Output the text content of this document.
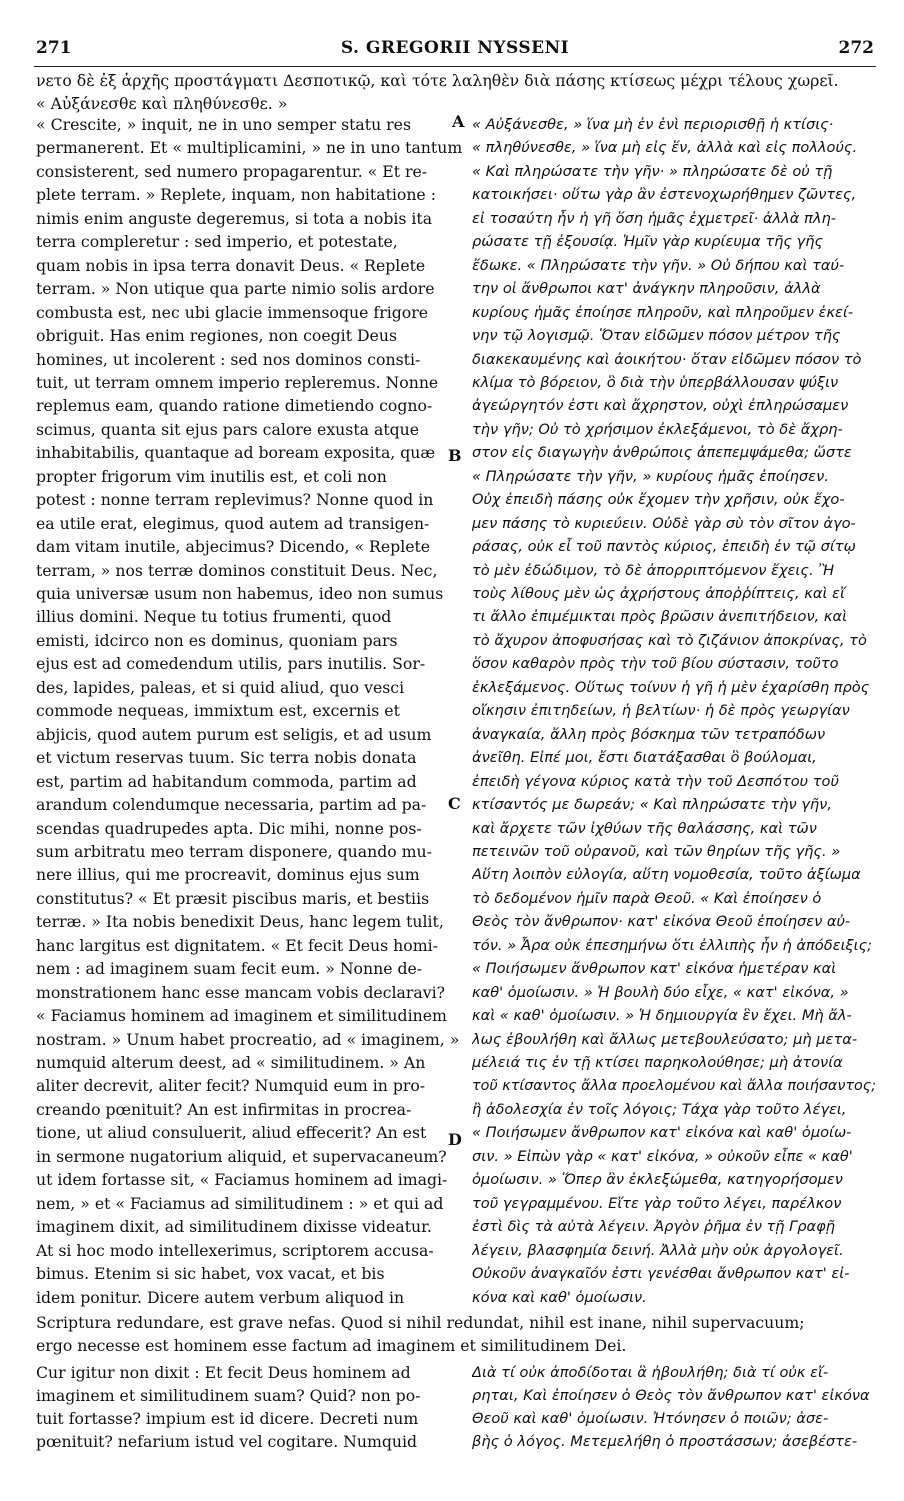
271	S. GREGORII NYSSENI	272
νετο δὲ ἐξ ἀρχῆς προστάγματι Δεσποτικῷ, καὶ τότε λαληθὲν διὰ πάσης κτίσεως μέχρι τέλους χωρεῖ.
« Αὐξάνεσθε καὶ πληθύνεσθε. »
« Crescite, » inquit, ne in uno semper statu res
permanerent. Et « multiplicamini, » ne in uno tantum
consisterent, sed numero propagarentur. « Et re-
plete terram. » Replete, inquam, non habitatione :
nimis enim anguste degeremus, si tota a nobis ita
terra compleretur : sed imperio, et potestate,
quam nobis in ipsa terra donavit Deus. « Replete
terram. » Non utique qua parte nimio solis ardore
combusta est, nec ubi glacie immensoque frigore
obriguit. Has enim regiones, non coegit Deus
homines, ut incolerent : sed nos dominos consti-
tuit, ut terram omnem imperio repleremus. Nonne
replemus eam, quando ratione dimetiendo cogno-
scimus, quanta sit ejus pars calore exusta atque
inhabitabilis, quantaque ad boream exposita, quæ
propter frigorum vim inutilis est, et coli non
potest : nonne terram replevimus? Nonne quod in
ea utile erat, elegimus, quod autem ad transigen-
dam vitam inutile, abjecimus? Dicendo, « Replete
terram, » nos terræ dominos constituit Deus. Nec,
quia universæ usum non habemus, ideo non sumus
illius domini. Neque tu totius frumenti, quod
emisti, idcirco non es dominus, quoniam pars
ejus est ad comedendum utilis, pars inutilis. Sor-
des, lapides, paleas, et si quid aliud, quo vesci
commode nequeas, immixtum est, excernis et
abjicis, quod autem purum est seligis, et ad usum
et victum reservas tuum. Sic terra nobis donata
est, partim ad habitandum commoda, partim ad
arandum colendumque necessaria, partim ad pa-
scendas quadrupedes apta. Dic mihi, nonne pos-
sum arbitratu meo terram disponere, quando mu-
nere illius, qui me procreavit, dominus ejus sum
constitutus? « Et præsit piscibus maris, et bestiis
terræ. » Ita nobis benedixit Deus, hanc legem tulit,
hanc largitus est dignitatem. « Et fecit Deus homi-
nem : ad imaginem suam fecit eum. » Nonne de-
monstrationem hanc esse mancam vobis declaravi?
« Faciamus hominem ad imaginem et similitudinem
nostram. » Unum habet procreatio, ad « imaginem, »
numquid alterum deest, ad « similitudinem. » An
aliter decrevit, aliter fecit? Numquid eum in pro-
creando pœnituit? An est infirmitas in procrea-
tione, ut aliud consuluerit, aliud effecerit? An est
in sermone nugatorium aliquid, et supervacaneum?
ut idem fortasse sit, « Faciamus hominem ad imagi-
nem, » et « Faciamus ad similitudinem : » et qui ad
imaginem dixit, ad similitudinem dixisse videatur.
At si hoc modo intellexerimus, scriptorem accusa-
bimus. Etenim si sic habet, vox vacat, et bis
idem ponitur. Dicere autem verbum aliquod in
« Αὐξάνεσθε, » ἵνα μὴ ἐν ἑνὶ περιορισθῇ ἡ κτίσις·
« πληθύνεσθε, » ἵνα μὴ εἰς ἕν, ἀλλὰ καὶ εἰς πολλούς.
« Καὶ πληρώσατε τὴν γῆν· » πληρώσατε δὲ οὐ τῇ
κατοικήσει· οὕτω γὰρ ἂν ἐστενοχωρήθημεν ζῶντες,
εἰ τοσαύτη ἦν ἡ γῆ ὅση ἡμᾶς ἐχμετρεῖ· ἀλλὰ πλη-
ρώσατε τῇ ἐξουσίᾳ. Ἡμῖν γὰρ κυρίευμα τῆς γῆς
ἔδωκε. « Πληρώσατε τὴν γῆν. » Οὐ δήπου καὶ ταύ-
την οἱ ἄνθρωποι κατ' ἀνάγκην πληροῦσιν, ἀλλὰ
κυρίους ἡμᾶς ἐποίησε πληροῦν, καὶ πληροῦμεν ἐκεί-
νην τῷ λογισμῷ. Ὅταν εἰδῶμεν πόσον μέτρον τῆς
διακεκαυμένης καὶ ἀοικήτου· ὅταν εἰδῶμεν πόσον τὸ
κλίμα τὸ βόρειον, ὃ διὰ τὴν ὑπερβάλλουσαν ψύξιν
ἀγεώργητόν ἐστι καὶ ἄχρηστον, οὐχὶ ἐπληρώσαμεν
τὴν γῆν; Οὐ τὸ χρήσιμον ἐκλεξάμενοι, τὸ δὲ ἄχρη-
στον εἰς διαγωγὴν ἀνθρώποις ἀπεπεμψάμεθα; ὥστε
« Πληρώσατε τὴν γῆν, » κυρίους ἡμᾶς ἐποίησεν.
Οὐχ ἐπειδὴ πάσης οὐκ ἔχομεν τὴν χρῆσιν, οὐκ ἔχο-
μεν πάσης τὸ κυριεύειν. Οὐδὲ γὰρ σὺ τὸν σῖτον ἀγο-
ράσας, οὐκ εἶ τοῦ παντὸς κύριος, ἐπειδὴ ἐν τῷ σίτῳ
τὸ μὲν ἐδώδιμον, τὸ δὲ ἀπορριπτόμενον ἔχεις. Ἢ
τοὺς λίθους μὲν ὡς ἀχρήστους ἀποῤῥίπτεις, καὶ εἴ
τι ἄλλο ἐπιμέμικται πρὸς βρῶσιν ἀνεπιτήδειον, καὶ
τὸ ἄχυρον ἀποφυσήσας καὶ τὸ ζιζάνιον ἀποκρίνας, τὸ
ὅσον καθαρὸν πρὸς τὴν τοῦ βίου σύστασιν, τοῦτο
ἐκλεξάμενος. Οὕτως τοίνυν ἡ γῆ ἡ μὲν ἐχαρίσθη πρὸς
οἴκησιν ἐπιτηδείων, ἡ βελτίων· ἡ δὲ πρὸς γεωργίαν
ἀναγκαία, ἄλλη πρὸς βόσκημα τῶν τετραπόδων
ἀνεῖθη. Εἰπέ μοι, ἔστι διατάξασθαι ὃ βούλομαι,
ἐπειδὴ γέγονα κύριος κατὰ τὴν τοῦ Δεσπότου τοῦ
κτίσαντός με δωρεάν; « Καὶ πληρώσατε τὴν γῆν,
καὶ ἄρχετε τῶν ἰχθύων τῆς θαλάσσης, καὶ τῶν
πετεινῶν τοῦ οὐρανοῦ, καὶ τῶν θηρίων τῆς γῆς. »
Αὕτη λοιπὸν εὐλογία, αὕτη νομοθεσία, τοῦτο ἀξίωμα
τὸ δεδομένον ἡμῖν παρὰ Θεοῦ. « Καὶ ἐποίησεν ὁ
Θεὸς τὸν ἄνθρωπον· κατ' εἰκόνα Θεοῦ ἐποίησεν αὐ-
τόν. » Ἆρα οὐκ ἐπεσημήνω ὅτι ἐλλιπὴς ἦν ἡ ἀπόδειξις;
« Ποιήσωμεν ἄνθρωπον κατ' εἰκόνα ἡμετέραν καὶ
καθ' ὁμοίωσιν. » Ἡ βουλὴ δύο εἶχε, « κατ' εἰκόνα, »
καὶ « καθ' ὁμοίωσιν. » Ἡ δημιουργία ἓν ἔχει. Μὴ ἄλ-
λως ἐβουλήθη καὶ ἄλλως μετεβουλεύσατο; μὴ μετα-
μέλειά τις ἐν τῇ κτίσει παρηκολούθησε; μὴ ἀτονία
τοῦ κτίσαντος ἄλλα προελομένου καὶ ἄλλα ποιήσαντος;
ἢ ἀδολεσχία ἐν τοῖς λόγοις; Τάχα γὰρ τοῦτο λέγει,
« Ποιήσωμεν ἄνθρωπον κατ' εἰκόνα καὶ καθ' ὁμοίω-
σιν. » Εἰπὼν γὰρ « κατ' εἰκόνα, » οὐκοῦν εἶπε « καθ'
ὁμοίωσιν. » Ὅπερ ἂν ἐκλεξώμεθα, κατηγορήσομεν
τοῦ γεγραμμένου. Εἴτε γὰρ τοῦτο λέγει, παρέλκον
ἐστὶ δὶς τὰ αὐτὰ λέγειν. Ἀργὸν ῥῆμα ἐν τῇ Γραφῇ
λέγειν, βλασφημία δεινή. Ἀλλὰ μὴν οὐκ ἀργολογεῖ.
Οὐκοῦν ἀναγκαῖόν ἐστι γενέσθαι ἄνθρωπον κατ' εἰ-
κόνα καὶ καθ' ὁμοίωσιν.
Scriptura redundare, est grave nefas. Quod si nihil redundat, nihil est inane, nihil supervacuum;
ergo necesse est hominem esse factum ad imaginem et similitudinem Dei.
Cur igitur non dixit : Et fecit Deus hominem ad
imaginem et similitudinem suam? Quid? non po-
tuit fortasse? impium est id dicere. Decreti num
pœnituit? nefarium istud vel cogitare. Numquid
Διὰ τί οὐκ ἀποδίδοται ἃ ἠβουλήθη; διὰ τί οὐκ εἴ-
ρηται, Καὶ ἐποίησεν ὁ Θεὸς τὸν ἄνθρωπον κατ' εἰκόνα
Θεοῦ καὶ καθ' ὁμοίωσιν. Ἠτόνησεν ὁ ποιῶν; ἀσε-
βὴς ὁ λόγος. Μετεμελήθη ὁ προστάσσων; ἀσεβέστε-
A
B
C
D
